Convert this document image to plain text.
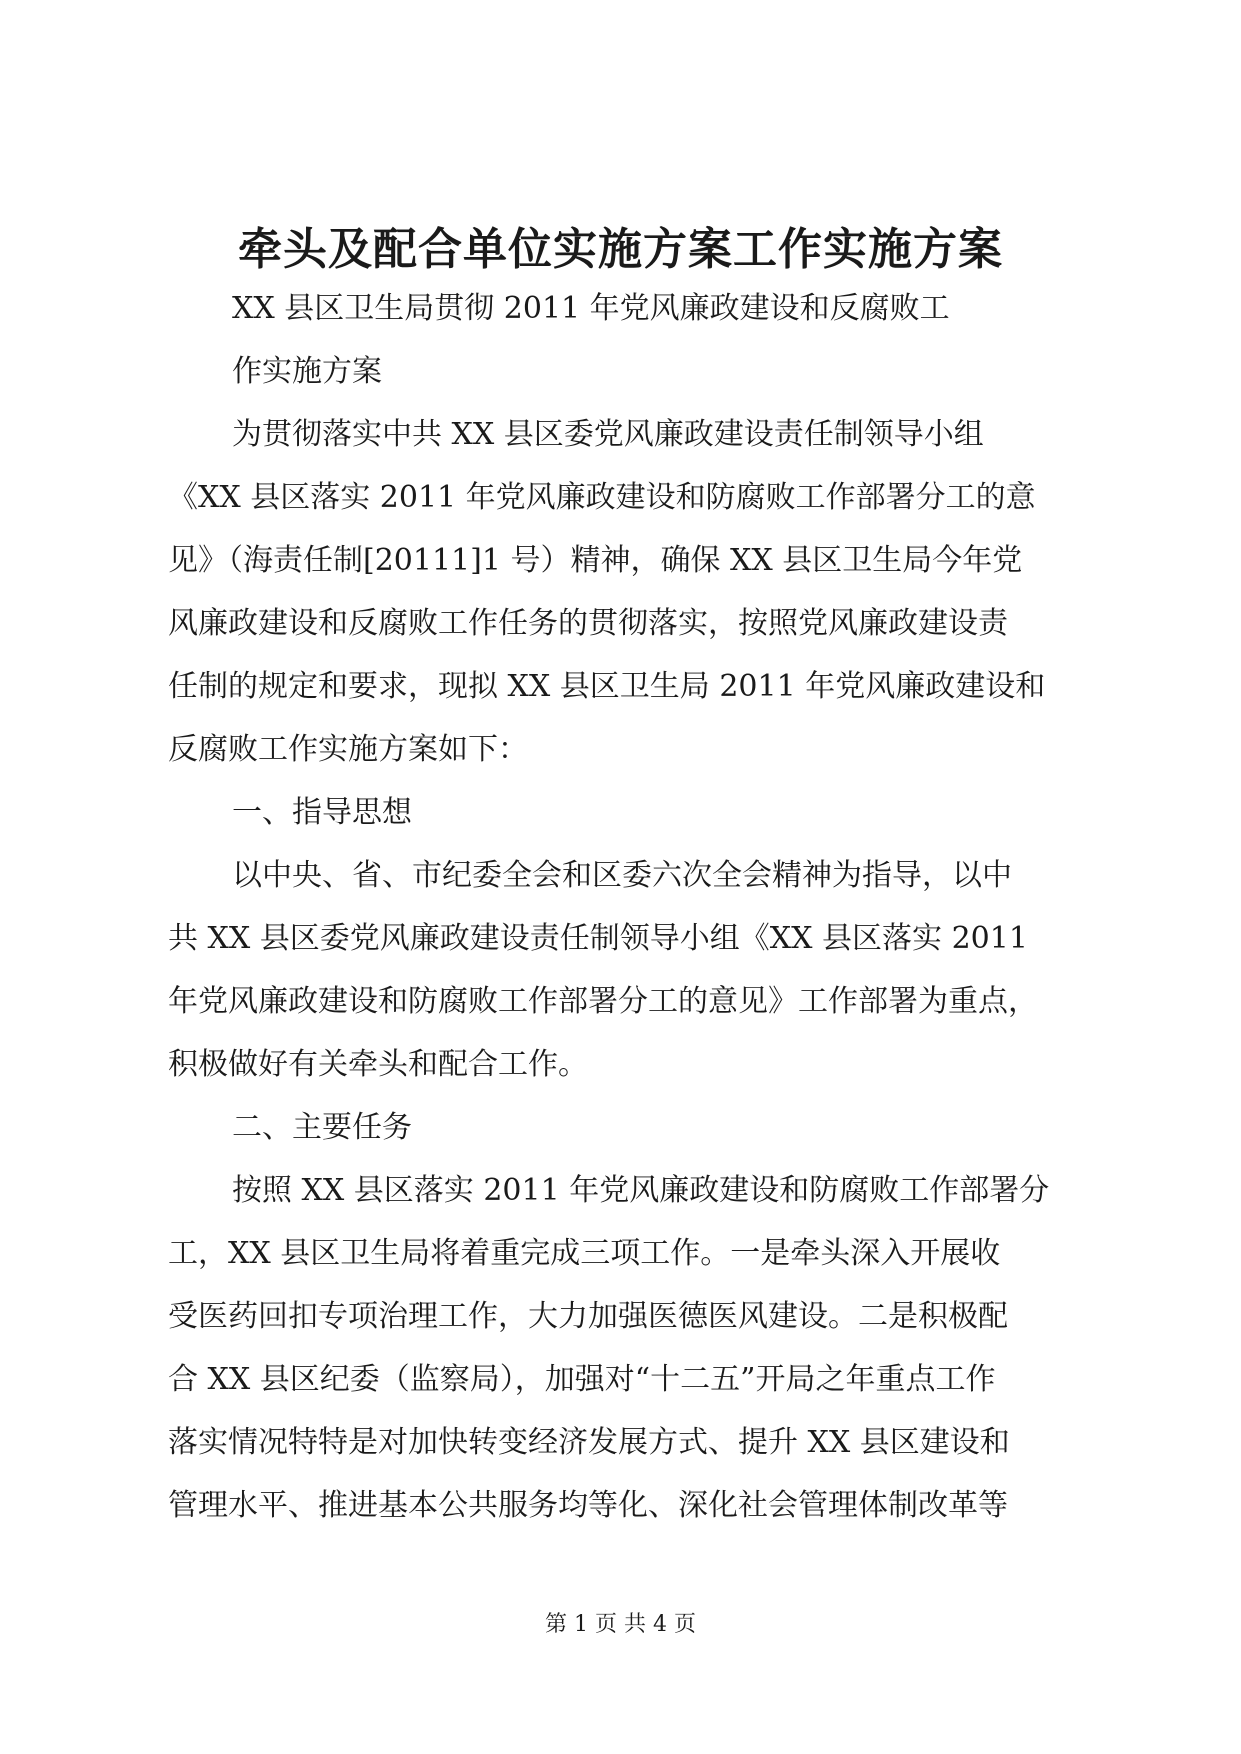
牵头及配合单位实施方案工作实施方案

XX 县区卫生局贯彻 2011 年党风廉政建设和反腐败工

作实施方案

为贯彻落实中共 XX 县区委党风廉政建设责任制领导小组

《XX 县区落实 2011 年党风廉政建设和防腐败工作部署分工的意

见》（海责任制[20111]1 号）精神，确保 XX 县区卫生局今年党

风廉政建设和反腐败工作任务的贯彻落实，按照党风廉政建设责

任制的规定和要求，现拟 XX 县区卫生局 2011 年党风廉政建设和

反腐败工作实施方案如下：

一、指导思想

以中央、省、市纪委全会和区委六次全会精神为指导，以中

共 XX 县区委党风廉政建设责任制领导小组《XX 县区落实 2011

年党风廉政建设和防腐败工作部署分工的意见》工作部署为重点，

积极做好有关牵头和配合工作。

二、主要任务

按照 XX 县区落实 2011 年党风廉政建设和防腐败工作部署分

工，XX 县区卫生局将着重完成三项工作。一是牵头深入开展收

受医药回扣专项治理工作，大力加强医德医风建设。二是积极配

合 XX 县区纪委（监察局），加强对“十二五”开局之年重点工作

落实情况特特是对加快转变经济发展方式、提升 XX 县区建设和

管理水平、推进基本公共服务均等化、深化社会管理体制改革等

第 1 页 共 4 页
